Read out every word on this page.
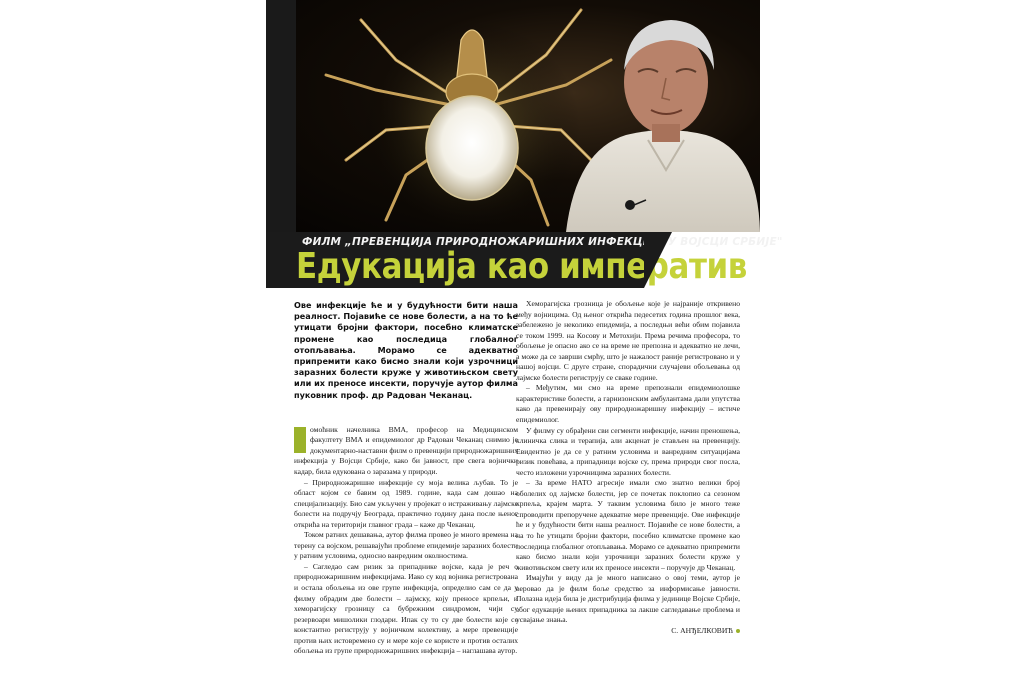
ФИЛМ „ПРЕВЕНЦИЈА ПРИРОДНОЖАРИШНИХ ИНФЕКЦИЈА У ВОЈСЦИ СРБИЈЕ"
Едукација као императив
Ове инфекције ће и у будућности бити наша реалност. Појавиће се нове болести, а на то ће утицати бројни фактори, посебно климатске промене као последица глобалног отопљавања. Морамо се адекватно припремити како бисмо знали који узрочници заразних болести круже у животињском свету или их преносе инсекти, поручује аутор филма пуковник проф. др Радован Чеканац.

омоћник начелника ВМА, професор на Медицинском факултету ВМА и епидемиолог др Радован Чеканац снимио је документарно-наставни филм о превенцији природножаришних инфекција у Војсци Србије, како би јавност, пре свега војнички кадар, била едукована о заразама у природи.

– Природножаришне инфекције су моја велика љубав. То је област којом се бавим од 1989. године, када сам дошао на специјализацију. Био сам укључен у пројекат о истраживању лајмске болести на подручју Београда, практично годину дана после њеног открића на територији главног града – каже др Чеканац.

Током ратних дешавања, аутор филма провео је много времена на терену са војском, решавајући проблеме епидемије заразних болести у ратним условима, односно ванредним околностима.

– Сагледао сам ризик за припаднике војске, када је реч о природножаришним инфекцијама. Иако су код војника регистрована и остала обољења из ове групе инфекција, определио сам се да у филму обрадим две болести – лајмску, коју преносе крпељи, и хеморагијску грозницу са бубрежним синдромом, чији су резервоари мишолики глодари. Ипак су то су две болести које се константно региструју у војничком колективу, а мере превенције против њих истовремено су и мере које се користе и против осталих обољења из групе природножаришних инфекција – наглашава аутор.

Хеморагијска грозница је обољење које је најраније откривено међу војницима. Од њеног открића педесетих година прошлог века, забележено је неколико епидемија, а последњи већи обим појавила се током 1999. на Косову и Метохији. Према речима професора, то обољење је опасно ако се на време не препозна и адекватно не лечи, а може да се заврши смрћу, што је нажалост раније регистровано и у нашој војсци. С друге стране, спорадични случајеви обољевања од лајмске болести региструју се сваке године.

– Међутим, ми смо на време препознали епидемиолошке карактеристике болести, а гарнизонским амбулантама дали упутства како да превенирају ову природножаришну инфекцију – истиче епидемиолог.

У филму су обрађени сви сегменти инфекције, начин преношења, клиничка слика и терапија, али акценат је стављен на превенцију. Евидентно је да се у ратним условима и ванредним ситуацијама ризик повећава, а припадници војске су, према природи свог посла, често изложени узрочницима заразних болести.

– За време НАТО агресије имали смо знатно велики број оболелих од лајмске болести, јер се почетак поклопио са сезоном крпеља, крајем марта. У таквим условима било је много теже спроводити препоручене адекватне мере превенције. Ове инфекције ће и у будућности бити наша реалност. Појавиће се нове болести, а на то ће утицати бројни фактори, посебно климатске промене као последица глобалног отопљавања. Морамо се адекватно припремити како бисмо знали који узрочници заразних болести круже у животињском свету или их преносе инсекти – поручује др Чеканац.

Имајући у виду да је много написано о овој теми, аутор је веровао да је филм боље средство за информисање јавности. Полазна идеја била је дистрибуција филма у јединице Војске Србије, због едукације њених припадника за лакше сагледавање проблема и усвајање знања.

С. АНЂЕЛКОВИЋ
